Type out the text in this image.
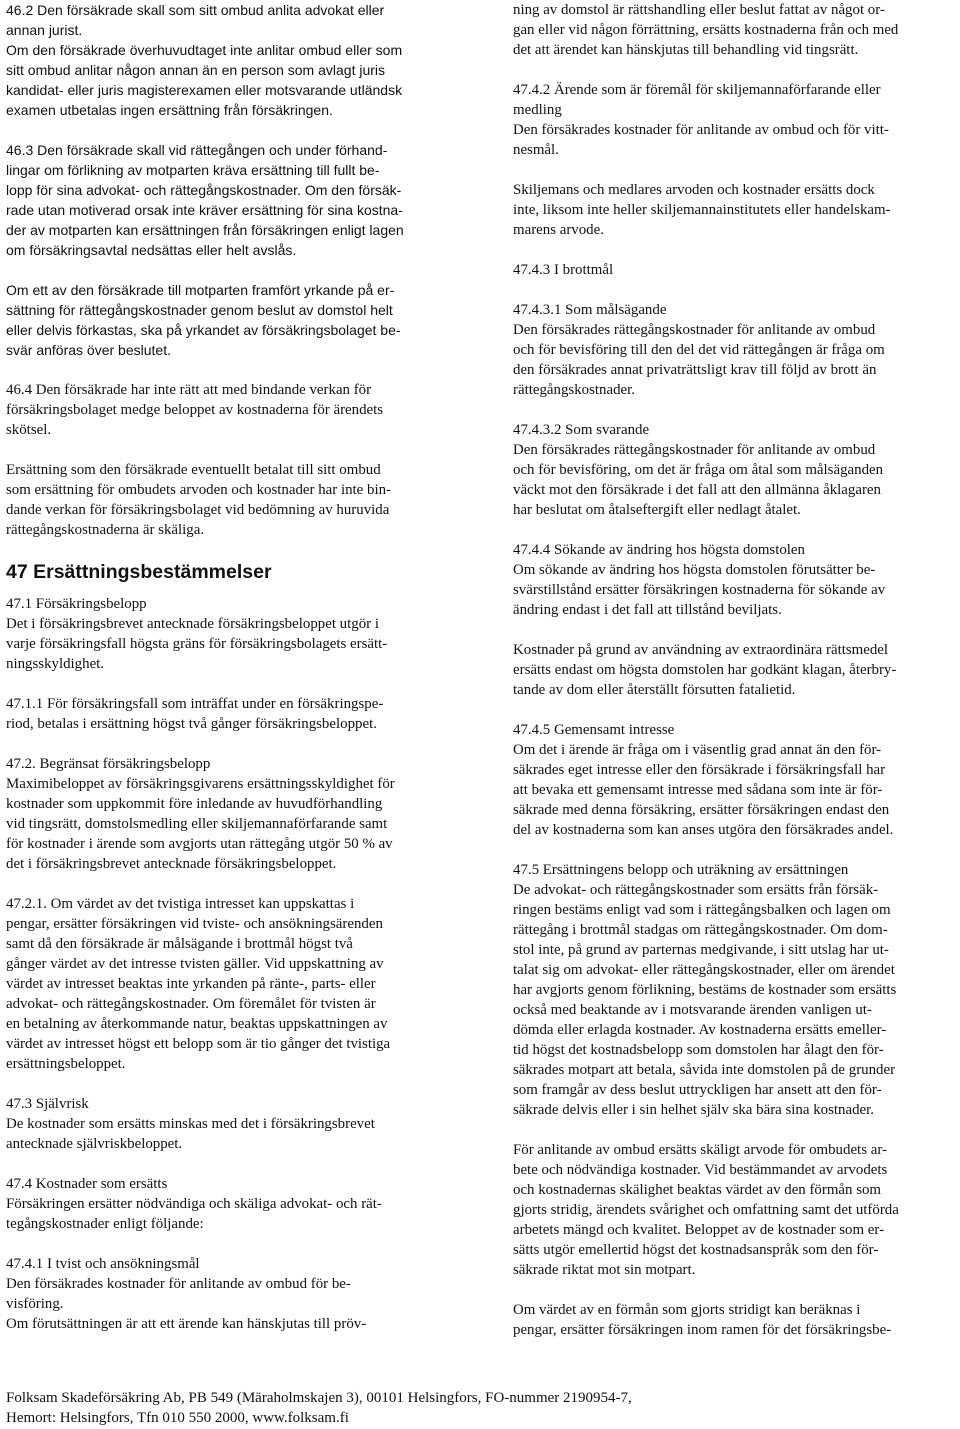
46.2 Den försäkrade skall som sitt ombud anlita advokat eller
annan jurist.
Om den försäkrade överhuvudtaget inte anlitar ombud eller som
sitt ombud anlitar någon annan än en person som avlagt juris
kandidat- eller juris magisterexamen eller motsvarande utländsk
examen utbetalas ingen ersättning från försäkringen.
46.3 Den försäkrade skall vid rättegången och under förhand-
lingar om förlikning av motparten kräva ersättning till fullt be-
lopp för sina advokat- och rättegångskostnader. Om den försäk-
rade utan motiverad orsak inte kräver ersättning för sina kostna-
der av motparten kan ersättningen från försäkringen enligt lagen
om försäkringsavtal nedsättas eller helt avslås.
Om ett av den försäkrade till motparten framfört yrkande på er-
sättning för rättegångskostnader genom beslut av domstol helt
eller delvis förkastas, ska på yrkandet av försäkringsbolaget be-
svär anföras över beslutet.
46.4 Den försäkrade har inte rätt att med bindande verkan för
försäkringsbolaget medge beloppet av kostnaderna för ärendets
skötsel.
Ersättning som den försäkrade eventuellt betalat till sitt ombud
som ersättning för ombudets arvoden och kostnader har inte bin-
dande verkan för försäkringsbolaget vid bedömning av huruvida
rättegångskostnaderna är skäliga.
47 Ersättningsbestämmelser
47.1 Försäkringsbelopp
Det i försäkringsbrevet antecknade försäkringsbeloppet utgör i
varje försäkringsfall högsta gräns för försäkringsbolagets ersätt-
ningsskyldighet.
47.1.1 För försäkringsfall som inträffat under en försäkringspe-
riod, betalas i ersättning högst två gånger försäkringsbeloppet.
47.2. Begränsat försäkringsbelopp
Maximibeloppet av försäkringsgivarens ersättningsskyldighet för
kostnader som uppkommit före inledande av huvudförhandling
vid tingsrätt, domstolsmedling eller skiljemannaförfarande samt
för kostnader i ärende som avgjorts utan rättegång utgör 50 % av
det i försäkringsbrevet antecknade försäkringsbeloppet.
47.2.1. Om värdet av det tvistiga intresset kan uppskattas i
pengar, ersätter försäkringen vid tviste- och ansökningsärenden
samt då den försäkrade är målsägande i brottmål högst två
gånger värdet av det intresse tvisten gäller. Vid uppskattning av
värdet av intresset beaktas inte yrkanden på ränte-, parts- eller
advokat- och rättegångskostnader. Om föremålet för tvisten är
en betalning av återkommande natur, beaktas uppskattningen av
värdet av intresset högst ett belopp som är tio gånger det tvistiga
ersättningsbeloppet.
47.3 Självrisk
De kostnader som ersätts minskas med det i försäkringsbrevet
antecknade självriskbeloppet.
47.4 Kostnader som ersätts
Försäkringen ersätter nödvändiga och skäliga advokat- och rät-
tegångskostnader enligt följande:
47.4.1 I tvist och ansökningsmål
Den försäkrades kostnader för anlitande av ombud för be-
visföring.
Om förutsättningen är att ett ärende kan hänskjutas till pröv-
ning av domstol är rättshandling eller beslut fattat av något or-
gan eller vid någon förrättning, ersätts kostnaderna från och med
det att ärendet kan hänskjutas till behandling vid tingsrätt.
47.4.2 Ärende som är föremål för skiljemannaförfarande eller
medling
Den försäkrades kostnader för anlitande av ombud och för vitt-
nesmål.
Skiljemans och medlares arvoden och kostnader ersätts dock
inte, liksom inte heller skiljemannainstitutets eller handelskam-
marens arvode.
47.4.3 I brottmål
47.4.3.1 Som målsägande
Den försäkrades rättegångskostnader för anlitande av ombud
och för bevisföring till den del det vid rättegången är fråga om
den försäkrades annat privaträttsligt krav till följd av brott än
rättegångskostnader.
47.4.3.2 Som svarande
Den försäkrades rättegångskostnader för anlitande av ombud
och för bevisföring, om det är fråga om åtal som målsäganden
väckt mot den försäkrade i det fall att den allmänna åklagaren
har beslutat om åtalseftergift eller nedlagt åtalet.
47.4.4 Sökande av ändring hos högsta domstolen
Om sökande av ändring hos högsta domstolen förutsätter be-
svärstillstånd ersätter försäkringen kostnaderna för sökande av
ändring endast i det fall att tillstånd beviljats.
Kostnader på grund av användning av extraordinära rättsmedel
ersätts endast om högsta domstolen har godkänt klagan, återbry-
tande av dom eller återställt försutten fatalietid.
47.4.5 Gemensamt intresse
Om det i ärende är fråga om i väsentlig grad annat än den för-
säkrades eget intresse eller den försäkrade i försäkringsfall har
att bevaka ett gemensamt intresse med sådana som inte är för-
säkrade med denna försäkring, ersätter försäkringen endast den
del av kostnaderna som kan anses utgöra den försäkrades andel.
47.5 Ersättningens belopp och uträkning av ersättningen
De advokat- och rättegångskostnader som ersätts från försäk-
ringen bestäms enligt vad som i rättegångsbalken och lagen om
rättegång i brottmål stadgas om rättegångskostnader. Om dom-
stol inte, på grund av parternas medgivande, i sitt utslag har ut-
talat sig om advokat- eller rättegångskostnader, eller om ärendet
har avgjorts genom förlikning, bestäms de kostnader som ersätts
också med beaktande av i motsvarande ärenden vanligen ut-
dömda eller erlagda kostnader. Av kostnaderna ersätts emeller-
tid högst det kostnadsbelopp som domstolen har ålagt den för-
säkrades motpart att betala, såvida inte domstolen på de grunder
som framgår av dess beslut uttryckligen har ansett att den för-
säkrade delvis eller i sin helhet själv ska bära sina kostnader.
För anlitande av ombud ersätts skäligt arvode för ombudets ar-
bete och nödvändiga kostnader. Vid bestämmandet av arvodets
och kostnadernas skälighet beaktas värdet av den förmån som
gjorts stridig, ärendets svårighet och omfattning samt det utförda
arbetets mängd och kvalitet. Beloppet av de kostnader som er-
sätts utgör emellertid högst det kostnadsanspråk som den för-
säkrade riktat mot sin motpart.
Om värdet av en förmån som gjorts stridigt kan beräknas i
pengar, ersätter försäkringen inom ramen för det försäkringsbe-
Folksam Skadeförsäkring Ab, PB 549 (Märaholmskajen 3), 00101 Helsingfors, FO-nummer 2190954-7,
Hemort: Helsingfors, Tfn 010 550 2000, www.folksam.fi
